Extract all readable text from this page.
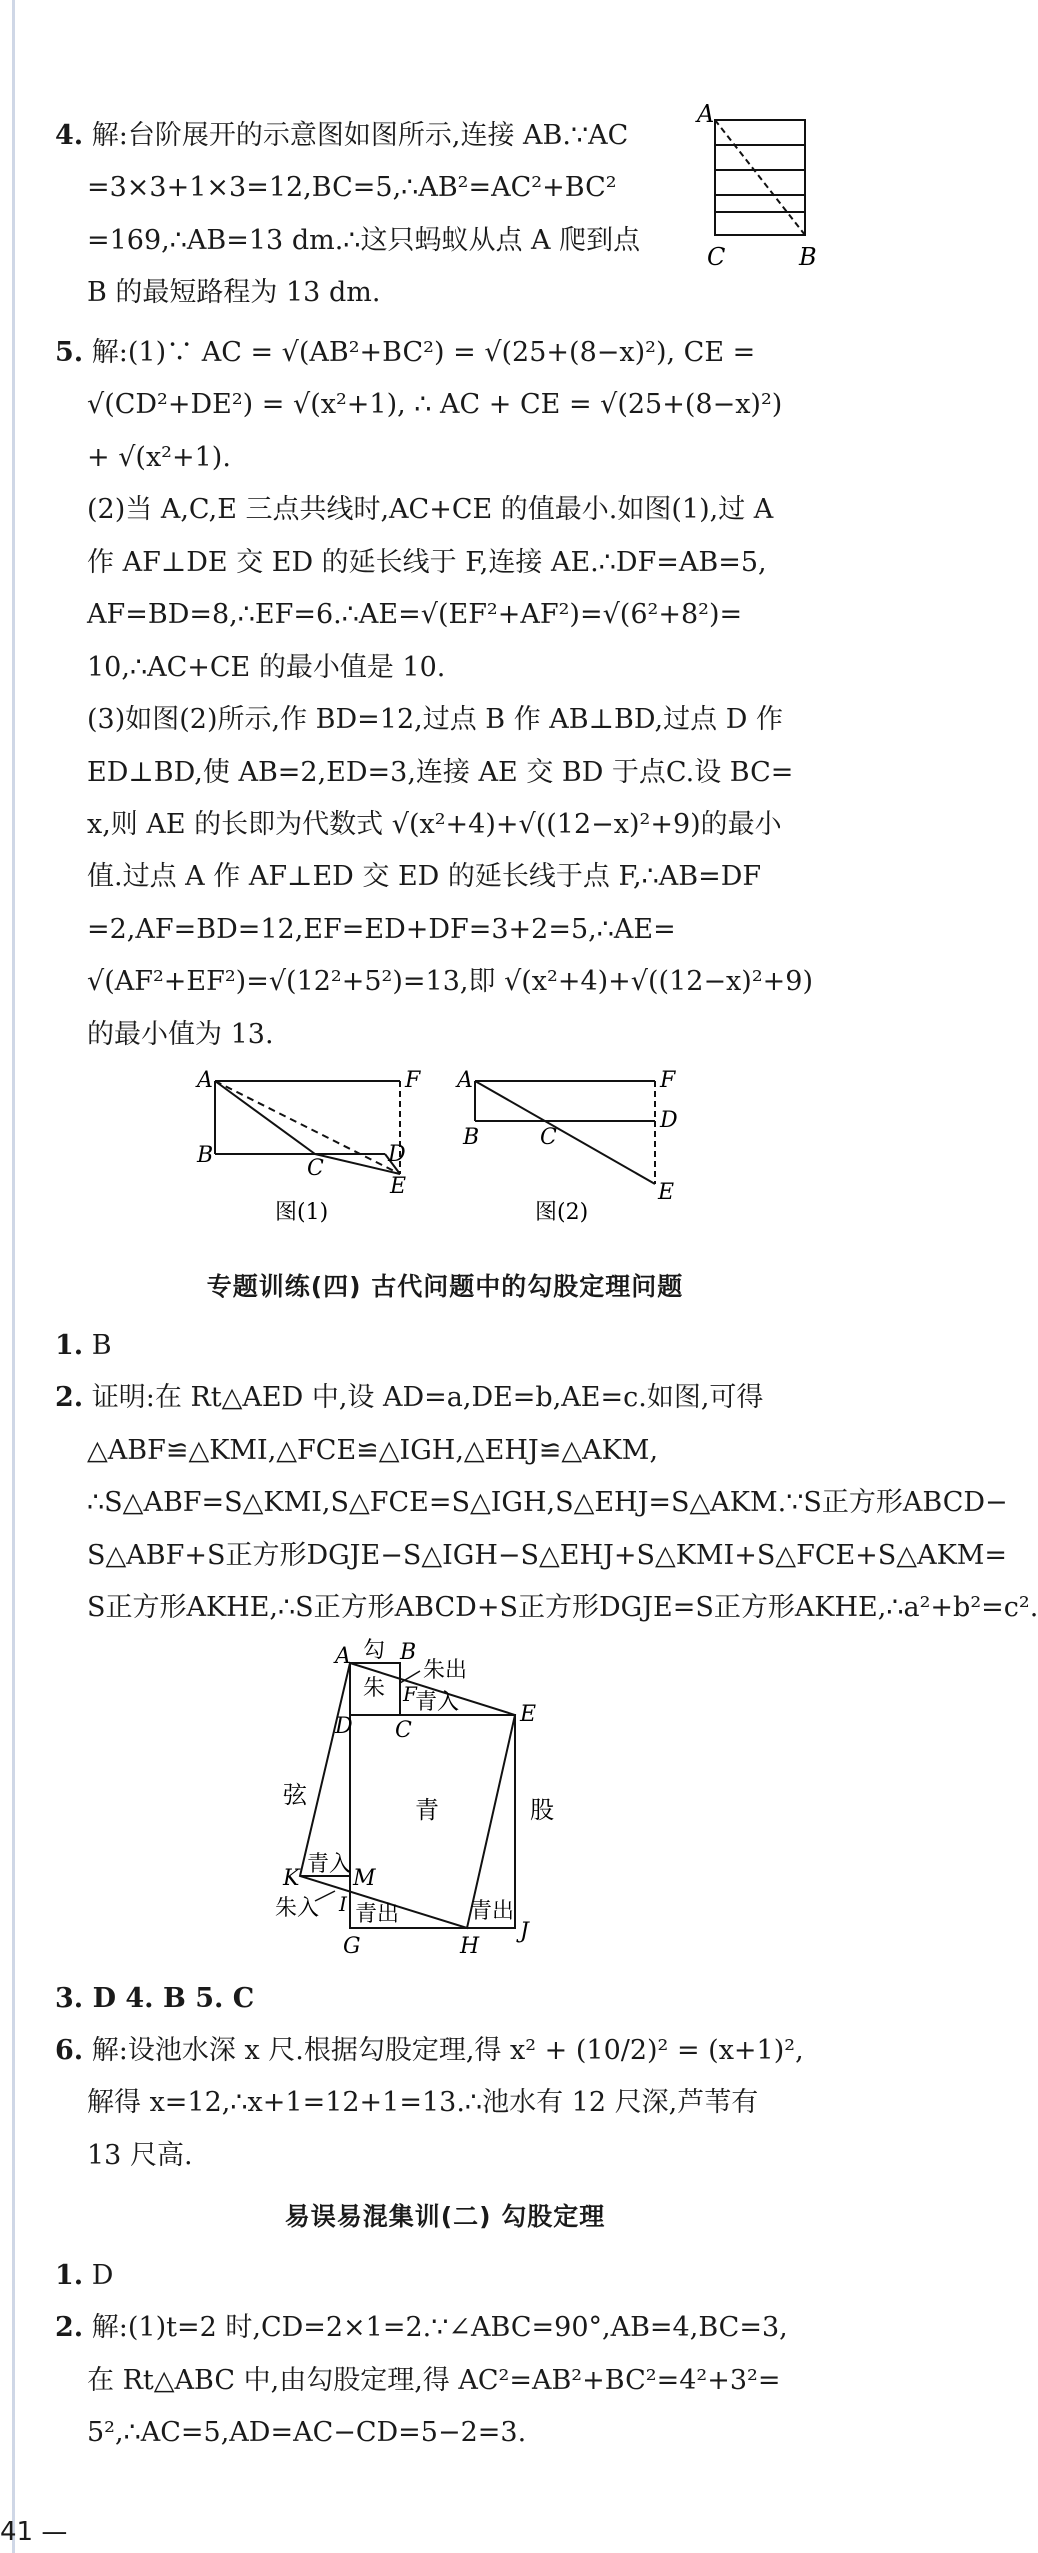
4. 解:台阶展开的示意图如图所示,连接 AB.∵AC
=3×3+1×3=12,BC=5,∴AB²=AC²+BC²
=169,∴AB=13 dm.∴这只蚂蚁从点 A 爬到点
B 的最短路程为 13 dm.
A
C	B
5. 解:(1)∵ AC = √(AB²+BC²) = √(25+(8−x)²), CE =
√(CD²+DE²) = √(x²+1), ∴ AC + CE = √(25+(8−x)²)
+ √(x²+1).
(2)当 A,C,E 三点共线时,AC+CE 的值最小.如图(1),过 A
作 AF⊥DE 交 ED 的延长线于 F,连接 AE.∴DF=AB=5,
AF=BD=8,∴EF=6.∴AE=√(EF²+AF²)=√(6²+8²)=
10,∴AC+CE 的最小值是 10.
(3)如图(2)所示,作 BD=12,过点 B 作 AB⊥BD,过点 D 作
ED⊥BD,使 AB=2,ED=3,连接 AE 交 BD 于点C.设 BC=
x,则 AE 的长即为代数式 √(x²+4)+√((12−x)²+9)的最小
值.过点 A 作 AF⊥ED 交 ED 的延长线于点 F,∴AB=DF
=2,AF=BD=12,EF=ED+DF=3+2=5,∴AE=
√(AF²+EF²)=√(12²+5²)=13,即 √(x²+4)+√((12−x)²+9)
的最小值为 13.
A	F
B
C
D
E
图(1)
A	F
B	C
D
E
图(2)
专题训练(四) 古代问题中的勾股定理问题
1. B
2. 证明:在 Rt△AED 中,设 AD=a,DE=b,AE=c.如图,可得
△ABF≌△KMI,△FCE≌△IGH,△EHJ≌△AKM,
∴S△ABF=S△KMI,S△FCE=S△IGH,S△EHJ=S△AKM.∵S正方形ABCD−
S△ABF+S正方形DGJE−S△IGH−S△EHJ+S△KMI+S△FCE+S△AKM=
S正方形AKHE,∴S正方形ABCD+S正方形DGJE=S正方形AKHE,∴a²+b²=c².
A 勾 B
朱出
朱 F
青入
D C
E
弦
青	股
K
青入
M
朱入 I 青出	青出
G	H
J
3. D 4. B 5. C
6. 解:设池水深 x 尺.根据勾股定理,得 x² + (10/2)² = (x+1)²,
解得 x=12,∴x+1=12+1=13.∴池水有 12 尺深,芦苇有
13 尺高.
易误易混集训(二) 勾股定理
1. D
2. 解:(1)t=2 时,CD=2×1=2.∵∠ABC=90°,AB=4,BC=3,
在 Rt△ABC 中,由勾股定理,得 AC²=AB²+BC²=4²+3²=
5²,∴AC=5,AD=AC−CD=5−2=3.
41 —
